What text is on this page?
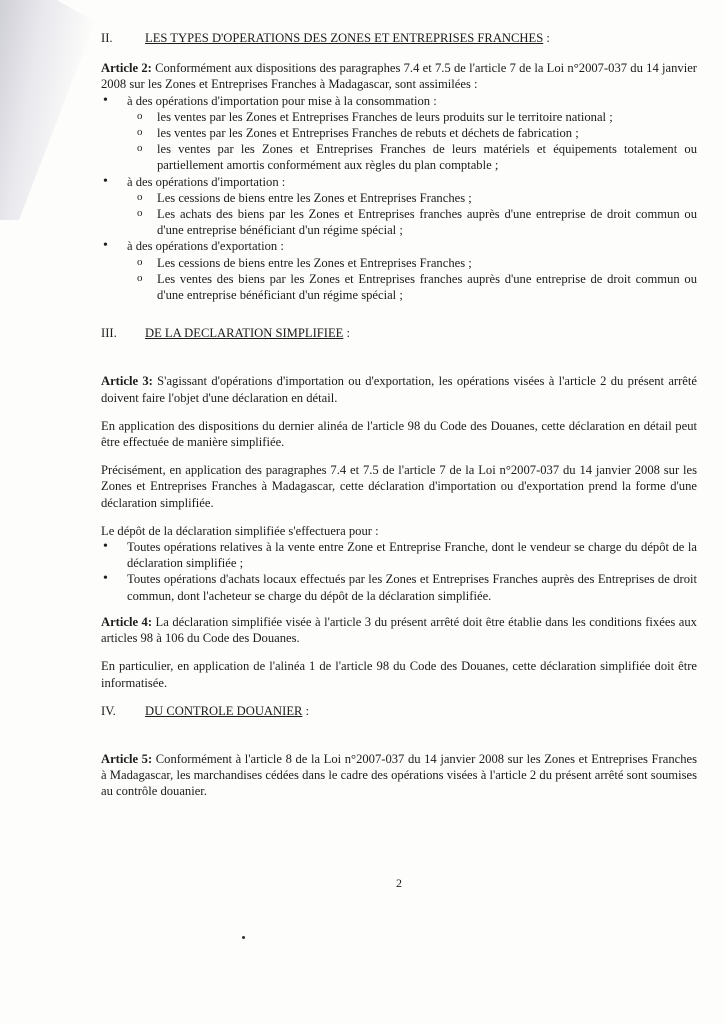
II.	LES TYPES D'OPERATIONS DES ZONES ET ENTREPRISES FRANCHES :

Article 2: Conformément aux dispositions des paragraphes 7.4 et 7.5 de l'article 7 de la Loi n°2007-037 du 14 janvier 2008 sur les Zones et Entreprises Franches à Madagascar, sont assimilées :

• à des opérations d'importation pour mise à la consommation :
o les ventes par les Zones et Entreprises Franches de leurs produits sur le territoire national ;
o les ventes par les Zones et Entreprises Franches de rebuts et déchets de fabrication ;
o les ventes par les Zones et Entreprises Franches de leurs matériels et équipements totalement ou partiellement amortis conformément aux règles du plan comptable ;
• à des opérations d'importation :
o Les cessions de biens entre les Zones et Entreprises Franches ;
o Les achats des biens par les Zones et Entreprises franches auprès d'une entreprise de droit commun ou d'une entreprise bénéficiant d'un régime spécial ;
• à des opérations d'exportation :
o Les cessions de biens entre les Zones et Entreprises Franches ;
o Les ventes des biens par les Zones et Entreprises franches auprès d'une entreprise de droit commun ou d'une entreprise bénéficiant d'un régime spécial ;
III.	DE LA DECLARATION SIMPLIFIEE :

Article 3: S'agissant d'opérations d'importation ou d'exportation, les opérations visées à l'article 2 du présent arrêté doivent faire l'objet d'une déclaration en détail.

En application des dispositions du dernier alinéa de l'article 98 du Code des Douanes, cette déclaration en détail peut être effectuée de manière simplifiée.

Précisément, en application des paragraphes 7.4 et 7.5 de l'article 7 de la Loi n°2007-037 du 14 janvier 2008 sur les Zones et Entreprises Franches à Madagascar, cette déclaration d'importation ou d'exportation prend la forme d'une déclaration simplifiée.

Le dépôt de la déclaration simplifiée s'effectuera pour :

• Toutes opérations relatives à la vente entre Zone et Entreprise Franche, dont le vendeur se charge du dépôt de la déclaration simplifiée ;
• Toutes opérations d'achats locaux effectués par les Zones et Entreprises Franches auprès des Entreprises de droit commun, dont l'acheteur se charge du dépôt de la déclaration simplifiée.

Article 4: La déclaration simplifiée visée à l'article 3 du présent arrêté doit être établie dans les conditions fixées aux articles 98 à 106 du Code des Douanes.

En particulier, en application de l'alinéa 1 de l'article 98 du Code des Douanes, cette déclaration simplifiée doit être informatisée.

IV.	DU CONTROLE DOUANIER :

Article 5: Conformément à l'article 8 de la Loi n°2007-037 du 14 janvier 2008 sur les Zones et Entreprises Franches à Madagascar, les marchandises cédées dans le cadre des opérations visées à l'article 2 du présent arrêté sont soumises au contrôle douanier.

2
